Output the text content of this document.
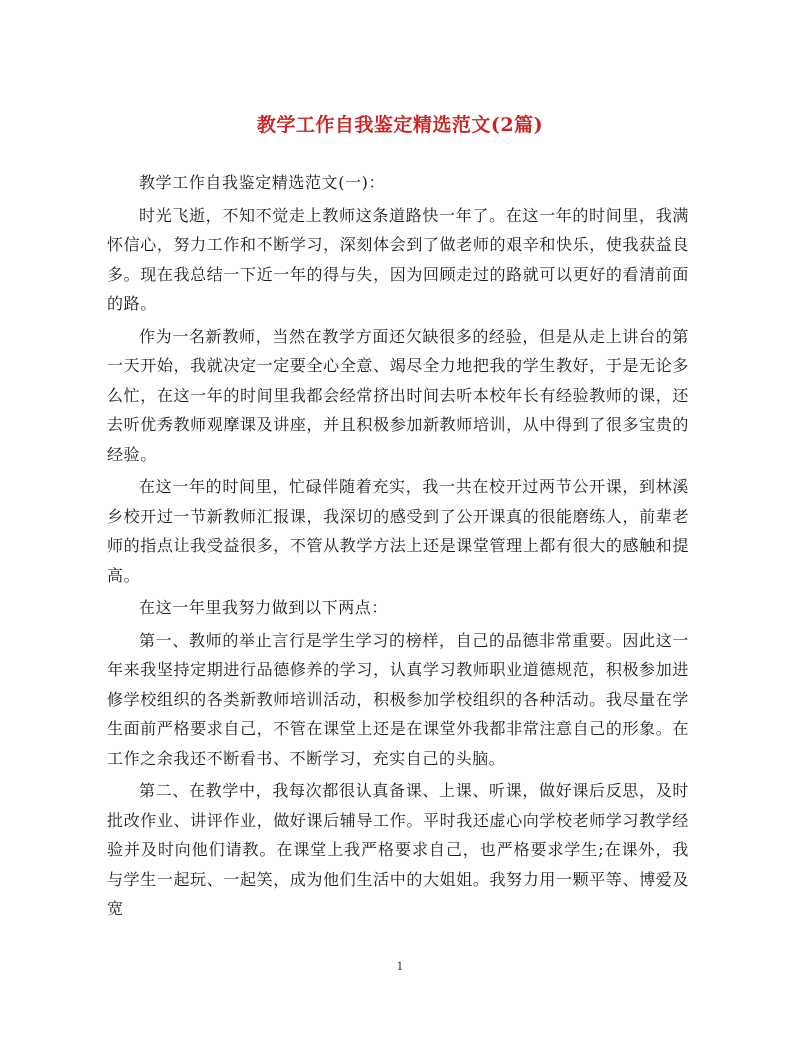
教学工作自我鉴定精选范文(2篇)

教学工作自我鉴定精选范文(一)：

时光飞逝，不知不觉走上教师这条道路快一年了。在这一年的时间里，我满怀信心，努力工作和不断学习，深刻体会到了做老师的艰辛和快乐，使我获益良多。现在我总结一下近一年的得与失，因为回顾走过的路就可以更好的看清前面的路。

作为一名新教师，当然在教学方面还欠缺很多的经验，但是从走上讲台的第一天开始，我就决定一定要全心全意、竭尽全力地把我的学生教好，于是无论多么忙，在这一年的时间里我都会经常挤出时间去听本校年长有经验教师的课，还去听优秀教师观摩课及讲座，并且积极参加新教师培训，从中得到了很多宝贵的经验。

在这一年的时间里，忙碌伴随着充实，我一共在校开过两节公开课，到林溪乡校开过一节新教师汇报课，我深切的感受到了公开课真的很能磨练人，前辈老师的指点让我受益很多，不管从教学方法上还是课堂管理上都有很大的感触和提高。

在这一年里我努力做到以下两点：

第一、教师的举止言行是学生学习的榜样，自己的品德非常重要。因此这一年来我坚持定期进行品德修养的学习，认真学习教师职业道德规范，积极参加进修学校组织的各类新教师培训活动，积极参加学校组织的各种活动。我尽量在学生面前严格要求自己，不管在课堂上还是在课堂外我都非常注意自己的形象。在工作之余我还不断看书、不断学习，充实自己的头脑。

第二、在教学中，我每次都很认真备课、上课、听课，做好课后反思，及时批改作业、讲评作业，做好课后辅导工作。平时我还虚心向学校老师学习教学经验并及时向他们请教。在课堂上我严格要求自己，也严格要求学生;在课外，我与学生一起玩、一起笑，成为他们生活中的大姐姐。我努力用一颗平等、博爱及宽

1
